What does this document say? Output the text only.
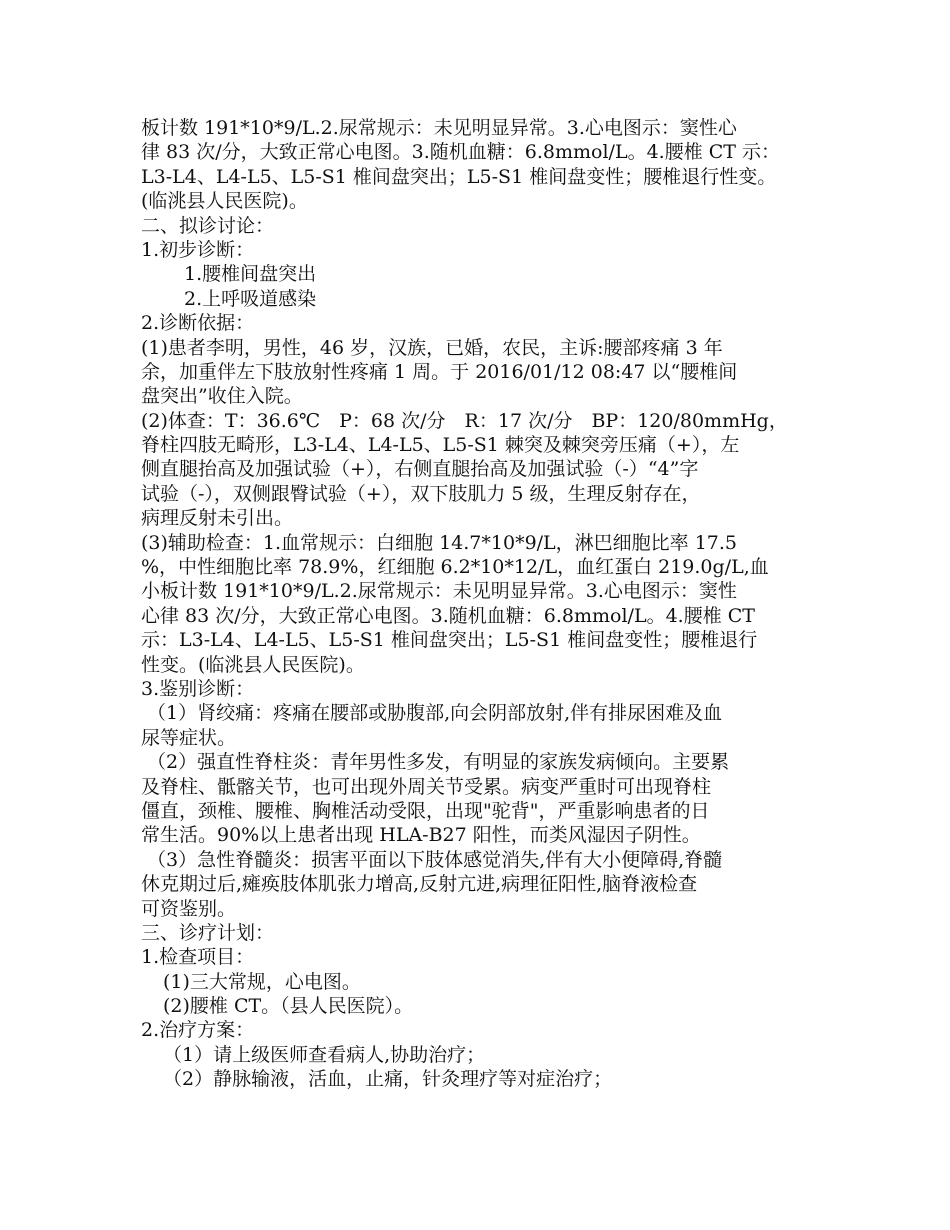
板计数 191*10*9/L.2.尿常规示：未见明显异常。3.心电图示：窦性心
律 83 次/分，大致正常心电图。3.随机血糖：6.8mmol/L。4.腰椎 CT 示：
L3-L4、L4-L5、L5-S1 椎间盘突出；L5-S1 椎间盘变性；腰椎退行性变。
(临洮县人民医院)。
二、拟诊讨论：
1.初步诊断：
1.腰椎间盘突出
2.上呼吸道感染
2.诊断依据：
(1)患者李明，男性，46 岁，汉族，已婚，农民，主诉:腰部疼痛 3 年
余，加重伴左下肢放射性疼痛 1 周。于 2016/01/12 08:47 以“腰椎间
盘突出”收住入院。
(2)体查：T：36.6℃　P：68 次/分　R：17 次/分　BP：120/80mmHg，
脊柱四肢无畸形，L3-L4、L4-L5、L5-S1 棘突及棘突旁压痛（+），左
侧直腿抬高及加强试验（+），右侧直腿抬高及加强试验（-）“4”字
试验（-），双侧跟臀试验（+），双下肢肌力 5 级，生理反射存在，
病理反射未引出。
(3)辅助检查：1.血常规示：白细胞 14.7*10*9/L，淋巴细胞比率 17.5
%，中性细胞比率 78.9%，红细胞 6.2*10*12/L，血红蛋白 219.0g/L,血
小板计数 191*10*9/L.2.尿常规示：未见明显异常。3.心电图示：窦性
心律 83 次/分，大致正常心电图。3.随机血糖：6.8mmol/L。4.腰椎 CT
示：L3-L4、L4-L5、L5-S1 椎间盘突出；L5-S1 椎间盘变性；腰椎退行
性变。(临洮县人民医院)。
3.鉴别诊断：
（1）肾绞痛：疼痛在腰部或胁腹部,向会阴部放射,伴有排尿困难及血
尿等症状。
（2）强直性脊柱炎：青年男性多发，有明显的家族发病倾向。主要累
及脊柱、骶髂关节，也可出现外周关节受累。病变严重时可出现脊柱
僵直，颈椎、腰椎、胸椎活动受限，出现"驼背"，严重影响患者的日
常生活。90%以上患者出现 HLA-B27 阳性，而类风湿因子阴性。
（3）急性脊髓炎：损害平面以下肢体感觉消失,伴有大小便障碍,脊髓
休克期过后,瘫痪肢体肌张力增高,反射亢进,病理征阳性,脑脊液检查
可资鉴别。
三、诊疗计划：
1.检查项目：
(1)三大常规，心电图。
(2)腰椎 CT。（县人民医院）。
2.治疗方案：
（1）请上级医师查看病人,协助治疗；
（2）静脉输液，活血，止痛，针灸理疗等对症治疗；
